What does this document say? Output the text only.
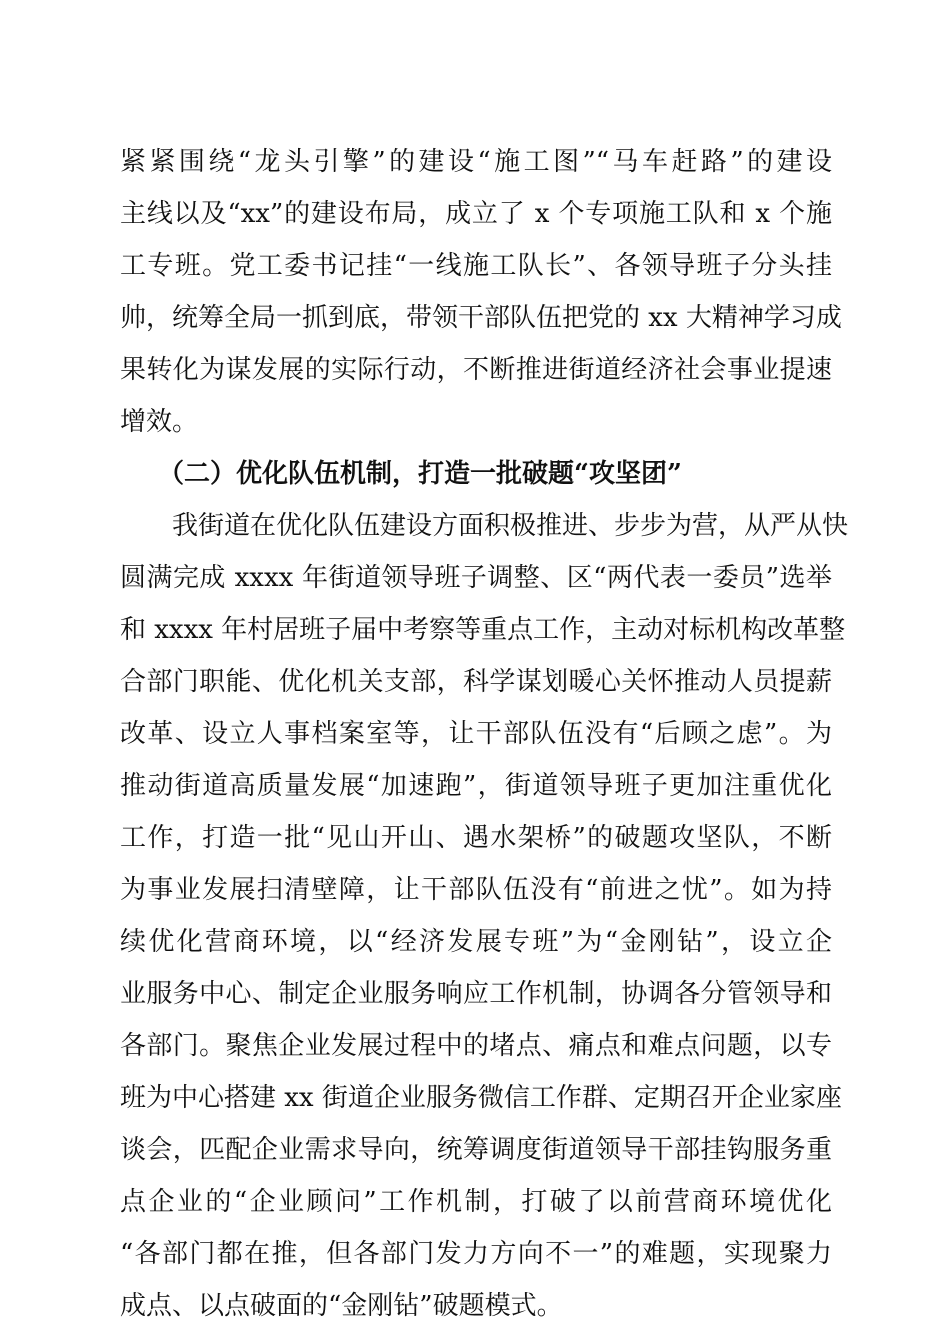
紧紧围绕“龙头引擎”的建设“施工图”“马车赶路”的建设
主线以及“xx”的建设布局，成立了 x 个专项施工队和 x 个施
工专班。党工委书记挂“一线施工队长”、各领导班子分头挂
帅，统筹全局一抓到底，带领干部队伍把党的 xx 大精神学习成
果转化为谋发展的实际行动，不断推进街道经济社会事业提速
增效。
（二）优化队伍机制，打造一批破题“攻坚团”
我街道在优化队伍建设方面积极推进、步步为营，从严从快
圆满完成 xxxx 年街道领导班子调整、区“两代表一委员”选举
和 xxxx 年村居班子届中考察等重点工作，主动对标机构改革整
合部门职能、优化机关支部，科学谋划暖心关怀推动人员提薪
改革、设立人事档案室等，让干部队伍没有“后顾之虑”。为
推动街道高质量发展“加速跑”，街道领导班子更加注重优化
工作，打造一批“见山开山、遇水架桥”的破题攻坚队，不断
为事业发展扫清壁障，让干部队伍没有“前进之忧”。如为持
续优化营商环境，以“经济发展专班”为“金刚钻”，设立企
业服务中心、制定企业服务响应工作机制，协调各分管领导和
各部门。聚焦企业发展过程中的堵点、痛点和难点问题，以专
班为中心搭建 xx 街道企业服务微信工作群、定期召开企业家座
谈会，匹配企业需求导向，统筹调度街道领导干部挂钩服务重
点企业的“企业顾问”工作机制，打破了以前营商环境优化
“各部门都在推，但各部门发力方向不一”的难题，实现聚力
成点、以点破面的“金刚钻”破题模式。
